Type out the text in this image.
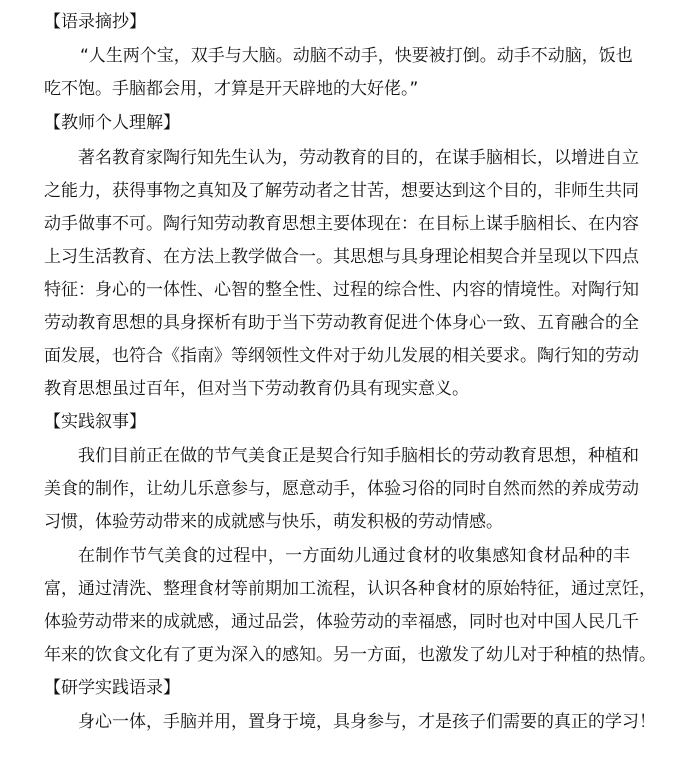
【语录摘抄】

“人生两个宝，双手与大脑。动脑不动手，快要被打倒。动手不动脑，饭也

吃不饱。手脑都会用，才算是开天辟地的大好佬。”

【教师个人理解】

著名教育家陶行知先生认为，劳动教育的目的，在谋手脑相长，以增进自立

之能力，获得事物之真知及了解劳动者之甘苦，想要达到这个目的，非师生共同

动手做事不可。陶行知劳动教育思想主要体现在：在目标上谋手脑相长、在内容

上习生活教育、在方法上教学做合一。其思想与具身理论相契合并呈现以下四点

特征：身心的一体性、心智的整全性、过程的综合性、内容的情境性。对陶行知

劳动教育思想的具身探析有助于当下劳动教育促进个体身心一致、五育融合的全

面发展，也符合《指南》等纲领性文件对于幼儿发展的相关要求。陶行知的劳动

教育思想虽过百年，但对当下劳动教育仍具有现实意义。

【实践叙事】

我们目前正在做的节气美食正是契合行知手脑相长的劳动教育思想，种植和

美食的制作，让幼儿乐意参与，愿意动手，体验习俗的同时自然而然的养成劳动

习惯，体验劳动带来的成就感与快乐，萌发积极的劳动情感。

在制作节气美食的过程中，一方面幼儿通过食材的收集感知食材品种的丰

富，通过清洗、整理食材等前期加工流程，认识各种食材的原始特征，通过烹饪，

体验劳动带来的成就感，通过品尝，体验劳动的幸福感，同时也对中国人民几千

年来的饮食文化有了更为深入的感知。另一方面，也激发了幼儿对于种植的热情。

【研学实践语录】

身心一体，手脑并用，置身于境，具身参与，才是孩子们需要的真正的学习！
